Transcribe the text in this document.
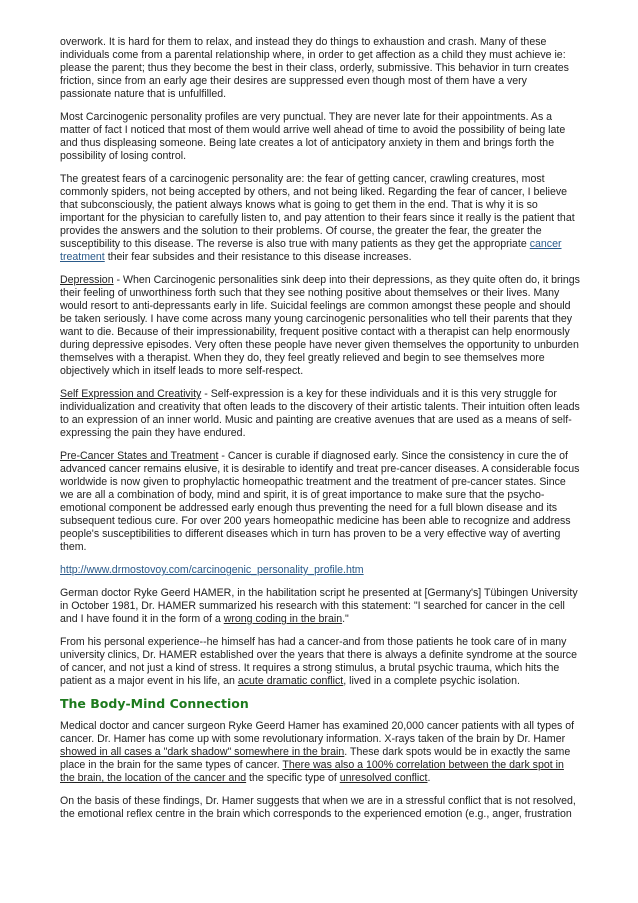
overwork. It is hard for them to relax, and instead they do things to exhaustion and crash. Many of these individuals come from a parental relationship where, in order to get affection as a child they must achieve ie: please the parent; thus they become the best in their class, orderly, submissive. This behavior in turn creates friction, since from an early age their desires are suppressed even though most of them have a very passionate nature that is unfulfilled.

Most Carcinogenic personality profiles are very punctual. They are never late for their appointments. As a matter of fact I noticed that most of them would arrive well ahead of time to avoid the possibility of being late and thus displeasing someone. Being late creates a lot of anticipatory anxiety in them and brings forth the possibility of losing control.

The greatest fears of a carcinogenic personality are: the fear of getting cancer, crawling creatures, most commonly spiders, not being accepted by others, and not being liked. Regarding the fear of cancer, I believe that subconsciously, the patient always knows what is going to get them in the end. That is why it is so important for the physician to carefully listen to, and pay attention to their fears since it really is the patient that provides the answers and the solution to their problems. Of course, the greater the fear, the greater the susceptibility to this disease. The reverse is also true with many patients as they get the appropriate cancer treatment their fear subsides and their resistance to this disease increases.

Depression - When Carcinogenic personalities sink deep into their depressions, as they quite often do, it brings their feeling of unworthiness forth such that they see nothing positive about themselves or their lives. Many would resort to anti-depressants early in life. Suicidal feelings are common amongst these people and should be taken seriously. I have come across many young carcinogenic personalities who tell their parents that they want to die. Because of their impressionability, frequent positive contact with a therapist can help enormously during depressive episodes. Very often these people have never given themselves the opportunity to unburden themselves with a therapist. When they do, they feel greatly relieved and begin to see themselves more objectively which in itself leads to more self-respect.

Self Expression and Creativity - Self-expression is a key for these individuals and it is this very struggle for individualization and creativity that often leads to the discovery of their artistic talents. Their intuition often leads to an expression of an inner world. Music and painting are creative avenues that are used as a means of self-expressing the pain they have endured.

Pre-Cancer States and Treatment - Cancer is curable if diagnosed early. Since the consistency in cure the of advanced cancer remains elusive, it is desirable to identify and treat pre-cancer diseases. A considerable focus worldwide is now given to prophylactic homeopathic treatment and the treatment of pre-cancer states. Since we are all a combination of body, mind and spirit, it is of great importance to make sure that the psycho-emotional component be addressed early enough thus preventing the need for a full blown disease and its subsequent tedious cure. For over 200 years homeopathic medicine has been able to recognize and address people's susceptibilities to different diseases which in turn has proven to be a very effective way of averting them.

http://www.drmostovoy.com/carcinogenic_personality_profile.htm

German doctor Ryke Geerd HAMER, in the habilitation script he presented at [Germany's] Tübingen University in October 1981, Dr. HAMER summarized his research with this statement: "I searched for cancer in the cell and I have found it in the form of a wrong coding in the brain."

From his personal experience--he himself has had a cancer-and from those patients he took care of in many university clinics, Dr. HAMER established over the years that there is always a definite syndrome at the source of cancer, and not just a kind of stress. It requires a strong stimulus, a brutal psychic trauma, which hits the patient as a major event in his life, an acute dramatic conflict, lived in a complete psychic isolation.

The Body-Mind Connection

Medical doctor and cancer surgeon Ryke Geerd Hamer has examined 20,000 cancer patients with all types of cancer. Dr. Hamer has come up with some revolutionary information. X-rays taken of the brain by Dr. Hamer showed in all cases a "dark shadow" somewhere in the brain. These dark spots would be in exactly the same place in the brain for the same types of cancer. There was also a 100% correlation between the dark spot in the brain, the location of the cancer and the specific type of unresolved conflict.

On the basis of these findings, Dr. Hamer suggests that when we are in a stressful conflict that is not resolved, the emotional reflex centre in the brain which corresponds to the experienced emotion (e.g., anger, frustration
